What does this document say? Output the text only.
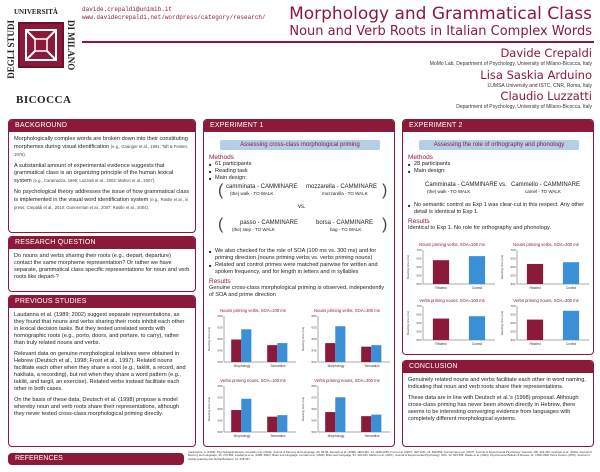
UNIVERSITÀ
DEGLI STUDI	DI MILANO
BICOCCA
davide.crepaldi@unimib.it
www.davidecrepaldi.net/wordpress/category/research/ Morphology and Grammatical Class
Noun and Verb Roots in Italian Complex Words
Davide Crepaldi
MoMo Lab, Department of Psychology, University of Milano-Bicocca, Italy
Lisa Saskia Arduino
LUMSA University and ISTC, CNR, Roma, Italy
Claudio Luzzatti
Department of Psychology, University of Milano-Bicocca, Italy
BACKGROUND

Morphologically complex words are broken down into their constituting morphemes during visual identification (e.g., Grainger et al., 1991; Taft & Forster, 1975).

A substantial amount of experimental evidence suggests that grammatical class is an organizing principle of the human lexical system (e.g., Caramazza, 1995; Luzzatti et al., 2002; Mahon et al., 2007).

No psychological theory addresses the issue of how grammatical class is implemented in the visual word identification system (e.g., Rastle et al., in press; Crepaldi et al., 2010; Gonnerman et al., 2007; Rastle et al., 2004).

RESEARCH QUESTION

Do nouns and verbs sharing their roots (e.g., depart, departure) contact the same morpheme representation? Or rather we have separate, grammatical class specific representations for noun and verb roots like depart-?

PREVIOUS STUDIES

Laudanna et al. (1989; 2002) suggest separate representations, as they found that nouns and verbs sharing their roots inhibit each other in lexical decision tasks. But they tested unrelated words with homographic roots (e.g., porto, doors, and portare, to carry), rather than truly related nouns and verbs.

Relevant data on genuine morphological relatives were obtained in Hebrew (Deutsch et al., 1998; Frost et al., 1997). Related nouns facilitate each other when they share a root (e.g., takliit, a record, and hakltata, a recording), but not when they share a word pattern (e.g., takliit, and targil, an exercise). Related verbs instead facilitate each other in both cases.

On the basis of these data, Deutsch et al. (1998) propose a model whereby noun and verb roots share their representations, although they never tested cross-class morphological priming directly.

EXPERIMENT 1
Assessing cross-class morphological priming
Methods
■ 61 participants
■ Reading task
■ Main design:
(	)
camminata - CAMMINARE mozzarella - CAMMINARE
(the) walk - TO WALK	mozzarella - TO WALK
vs.
(	)
passo - CAMMINARE	borsa - CAMMINARE
(the) step - TO WALK	bag - TO WALK
■ We also checked for the role of SOA (100 ms vs. 300 ms) and for priming direction (nouns priming verbs vs. verbs priming nouns)
■ Related and control primes were matched pairwise for written and spoken frequency, and for length in letters and in syllables
Results
Genuine cross-class morphological priming is observed, independently of SOA and prime direction
Nouns priming verbs, SOA=100 ms
500
545
590
635
680
Reading time (ms)
Morphology	Semantics
Nouns priming verbs, SOA=300 ms
500
545
590
635
680
Reading time (ms)
Morphology	Semantics
Verbs priming nouns, SOA=100 ms
500
545
590
635
680
Reading time (ms)
Morphology	Semantics
Verbs priming nouns, SOA=300 ms
500
545
590
635
680
Reading time (ms)
Morphology	Semantics
EXPERIMENT 2
Assessing the role of orthography and phonology
Methods
■ 28 participants
■ Main design:
Camminata - CAMMINARE vs. Cammello - CAMMINARE
(the) walk - TO WALK	camel - TO WALK
■ No semantic control as Exp 1 was clear-cut in this respect. Any other detail is identical to Exp 1.
Results
Identical to Exp 1. No role for orthography and phonology.
Nouns priming verbs, SOA=100 ms
500
550
600
650
700
Reading time (ms)
Related	Control
Nouns priming verbs, SOA=300 ms
500
550
600
650
700
Reading time (ms)
Related	Control
Verbs priming nouns, SOA=100 ms
500
550
600
650
700
Reading time (ms)
Related	Control
Verbs priming nouns, SOA=300 ms
500
550
600
650
700
Reading time (ms)
Related	Control
CONCLUSION

Genuinely related nouns and verbs facilitate each other in word naming, indicating that noun and verb roots share their representations.

These data are in line with Deutsch et al.'s (1998) proposal. Although cross-class priming has never been shown directly in Hebrew, there seems to be interesting converging evidence from languages with completely different morphological systems.

REFERENCES
Caramazza, A. (1995). Psychological Review; Crepaldi et al. (2010). Journal of Memory and Language, 63, 83-99; Deutsch et al. (1998). JEP:LMC, 24, 1238-1255; Frost et al. (1997). JEP:LMC, 23, 829-856; Gonnerman et al. (2007). Journal of Experimental Psychology: General, 136, 323-345; Grainger et al. (1991). Journal of Memory and Language, 30, 370-384; Laudanna et al. (1989; 2002). Brain and Language; Luzzatti et al. (2002). Brain and Language, 81, 432-444; Mahon et al. (2007). Journal of Experimental Psychology: LMC, 33, 503-535; Rastle et al. (2004). Psychonomic Bulletin & Review, 11, 1090-1098; Taft & Forster (1975). Journal of Verbal Learning and Verbal Behavior, 14, 638-647.
